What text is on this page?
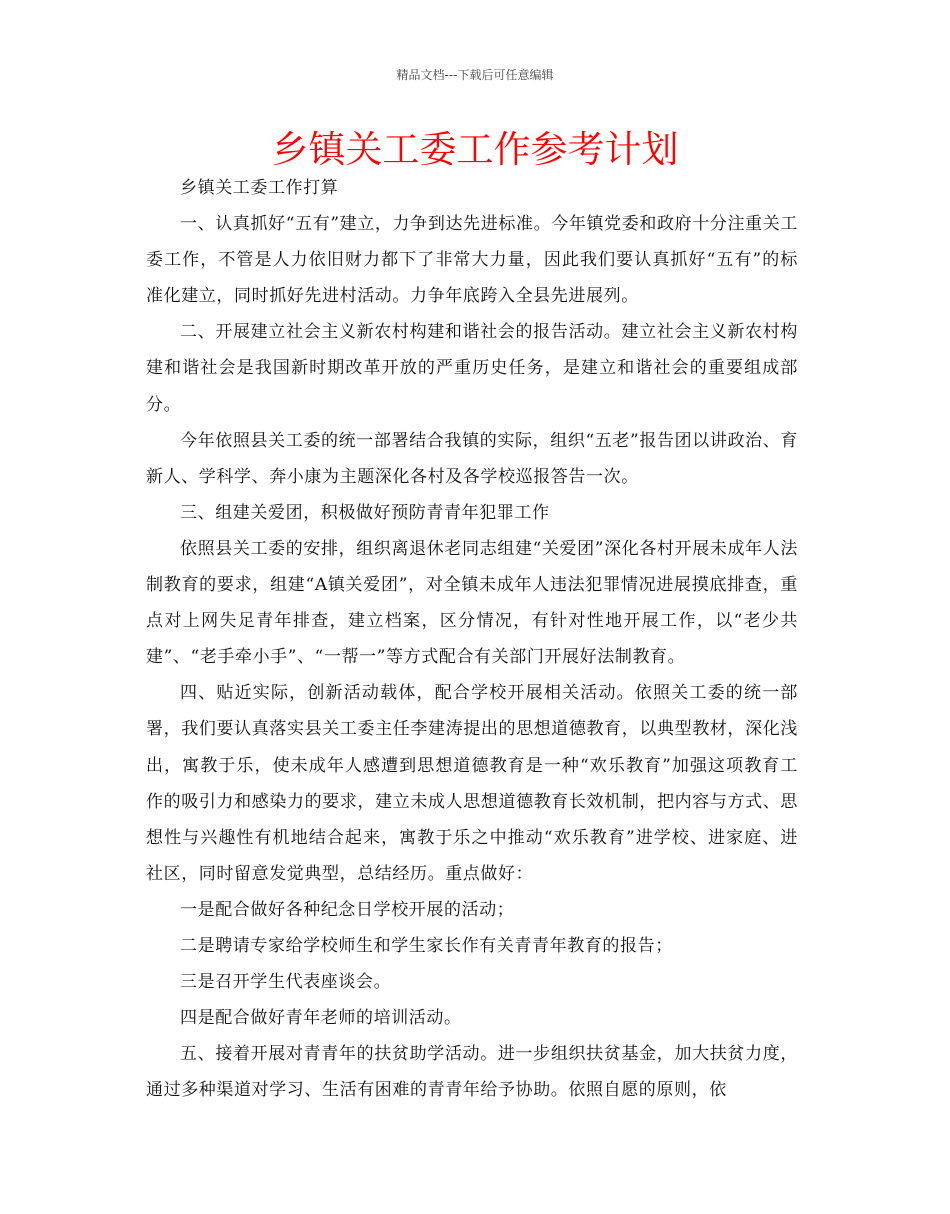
精品文档---下载后可任意编辑
乡镇关工委工作参考计划

乡镇关工委工作打算

一、认真抓好“五有”建立，力争到达先进标准。今年镇党委和政府十分注重关工委工作，不管是人力依旧财力都下了非常大力量，因此我们要认真抓好“五有”的标准化建立，同时抓好先进村活动。力争年底跨入全县先进展列。

二、开展建立社会主义新农村构建和谐社会的报告活动。建立社会主义新农村构建和谐社会是我国新时期改革开放的严重历史任务，是建立和谐社会的重要组成部分。

今年依照县关工委的统一部署结合我镇的实际，组织“五老”报告团以讲政治、育新人、学科学、奔小康为主题深化各村及各学校巡报答告一次。

三、组建关爱团，积极做好预防青青年犯罪工作

依照县关工委的安排，组织离退休老同志组建“关爱团”深化各村开展未成年人法制教育的要求，组建“A镇关爱团”，对全镇未成年人违法犯罪情况进展摸底排查，重点对上网失足青年排查，建立档案，区分情况，有针对性地开展工作，以“老少共建”、“老手牵小手”、“一帮一”等方式配合有关部门开展好法制教育。

四、贴近实际，创新活动载体，配合学校开展相关活动。依照关工委的统一部署，我们要认真落实县关工委主任李建涛提出的思想道德教育，以典型教材，深化浅出，寓教于乐，使未成年人感遭到思想道德教育是一种“欢乐教育”加强这项教育工作的吸引力和感染力的要求，建立未成人思想道德教育长效机制，把内容与方式、思想性与兴趣性有机地结合起来，寓教于乐之中推动“欢乐教育”进学校、进家庭、进社区，同时留意发觉典型，总结经历。重点做好：

一是配合做好各种纪念日学校开展的活动；

二是聘请专家给学校师生和学生家长作有关青青年教育的报告；

三是召开学生代表座谈会。

四是配合做好青年老师的培训活动。

五、接着开展对青青年的扶贫助学活动。进一步组织扶贫基金，加大扶贫力度，通过多种渠道对学习、生活有困难的青青年给予协助。依照自愿的原则，依
